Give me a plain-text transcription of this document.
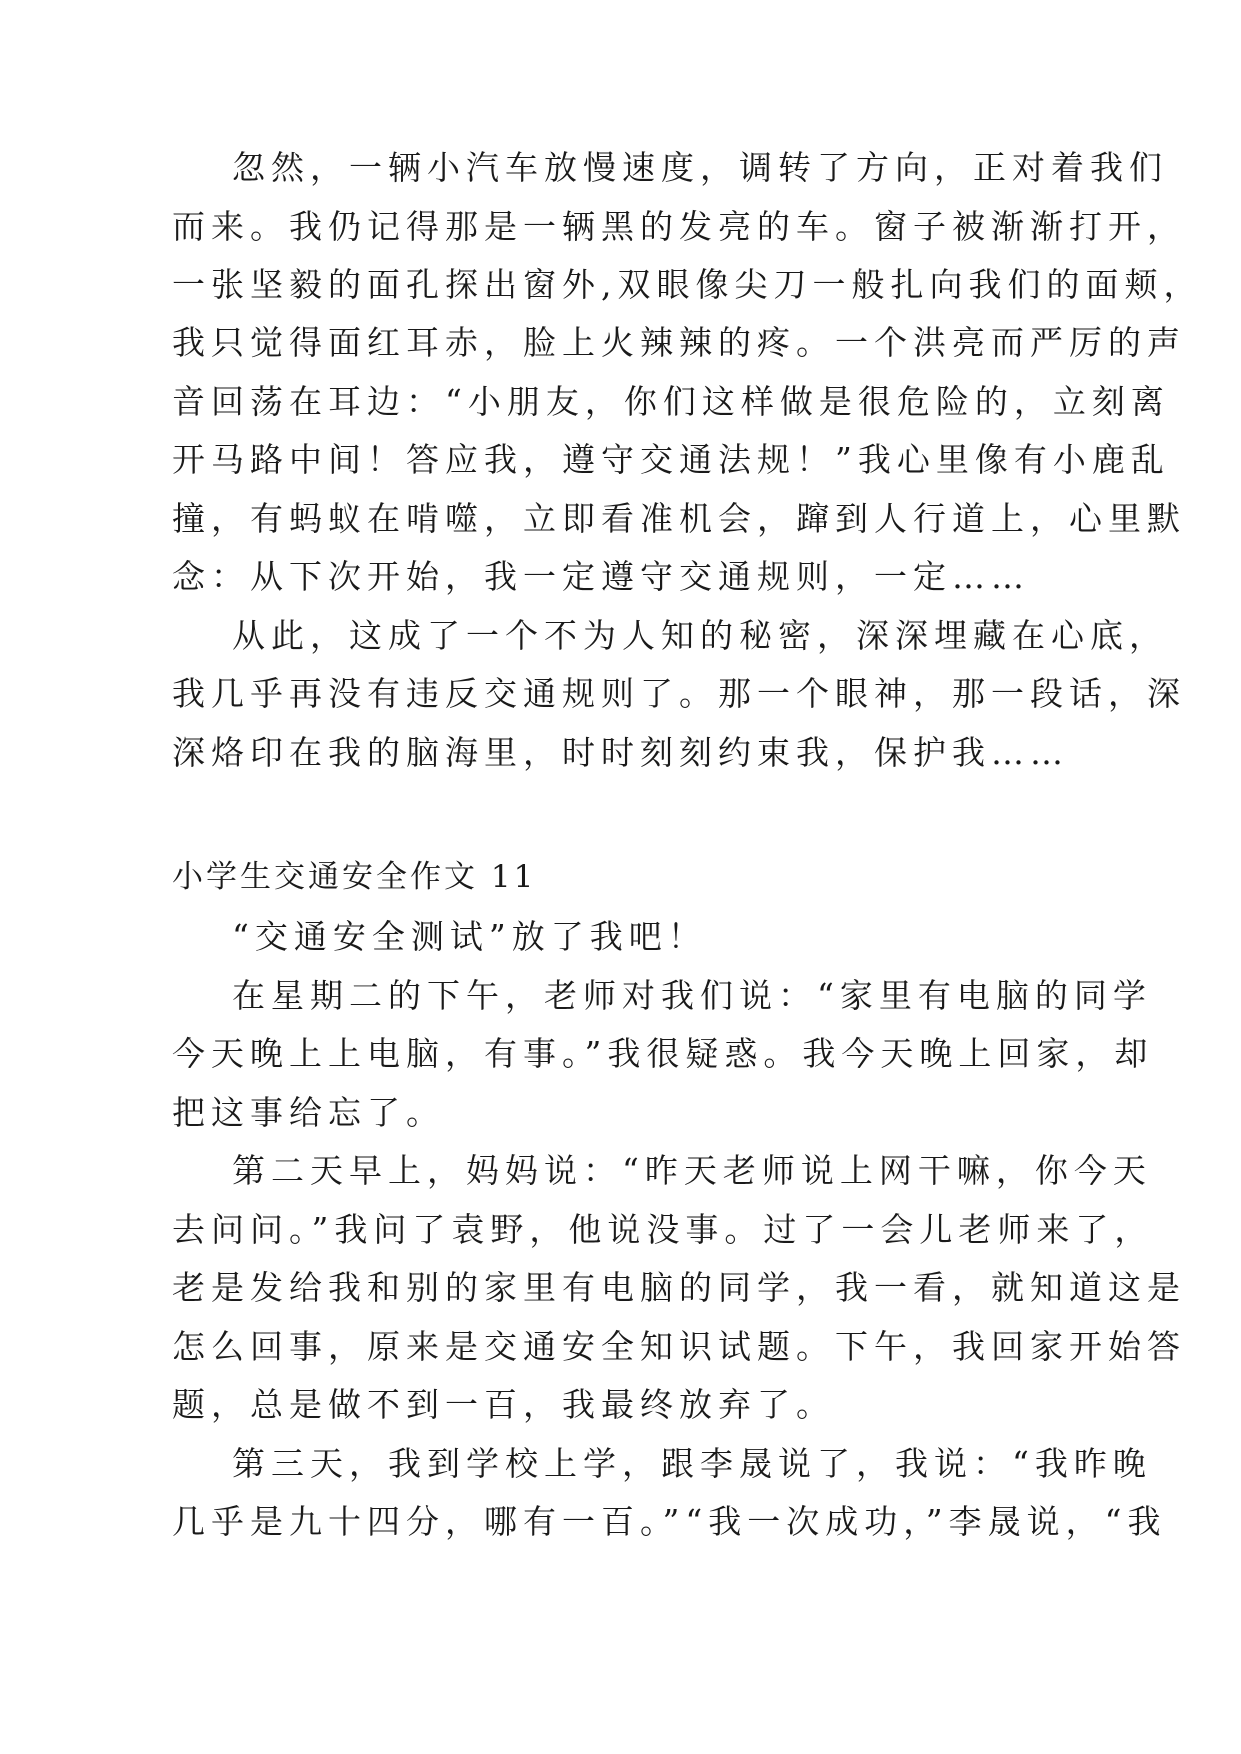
忽然，一辆小汽车放慢速度，调转了方向，正对着我们
而来。我仍记得那是一辆黑的发亮的车。窗子被渐渐打开，
一张坚毅的面孔探出窗外,双眼像尖刀一般扎向我们的面颊，
我只觉得面红耳赤，脸上火辣辣的疼。一个洪亮而严厉的声
音回荡在耳边：“小朋友，你们这样做是很危险的，立刻离
开马路中间！答应我，遵守交通法规！”我心里像有小鹿乱
撞，有蚂蚁在啃噬，立即看准机会，蹿到人行道上，心里默
念：从下次开始，我一定遵守交通规则，一定……
从此，这成了一个不为人知的秘密，深深埋藏在心底，
我几乎再没有违反交通规则了。那一个眼神，那一段话，深
深烙印在我的脑海里，时时刻刻约束我，保护我……
小学生交通安全作文 11
“交通安全测试”放了我吧！
在星期二的下午，老师对我们说：“家里有电脑的同学
今天晚上上电脑，有事。”我很疑惑。我今天晚上回家，却
把这事给忘了。
第二天早上，妈妈说：“昨天老师说上网干嘛，你今天
去问问。”我问了袁野，他说没事。过了一会儿老师来了，
老是发给我和别的家里有电脑的同学，我一看，就知道这是
怎么回事，原来是交通安全知识试题。下午，我回家开始答
题，总是做不到一百，我最终放弃了。
第三天，我到学校上学，跟李晟说了，我说：“我昨晚
几乎是九十四分，哪有一百。”“我一次成功，”李晟说，“我
